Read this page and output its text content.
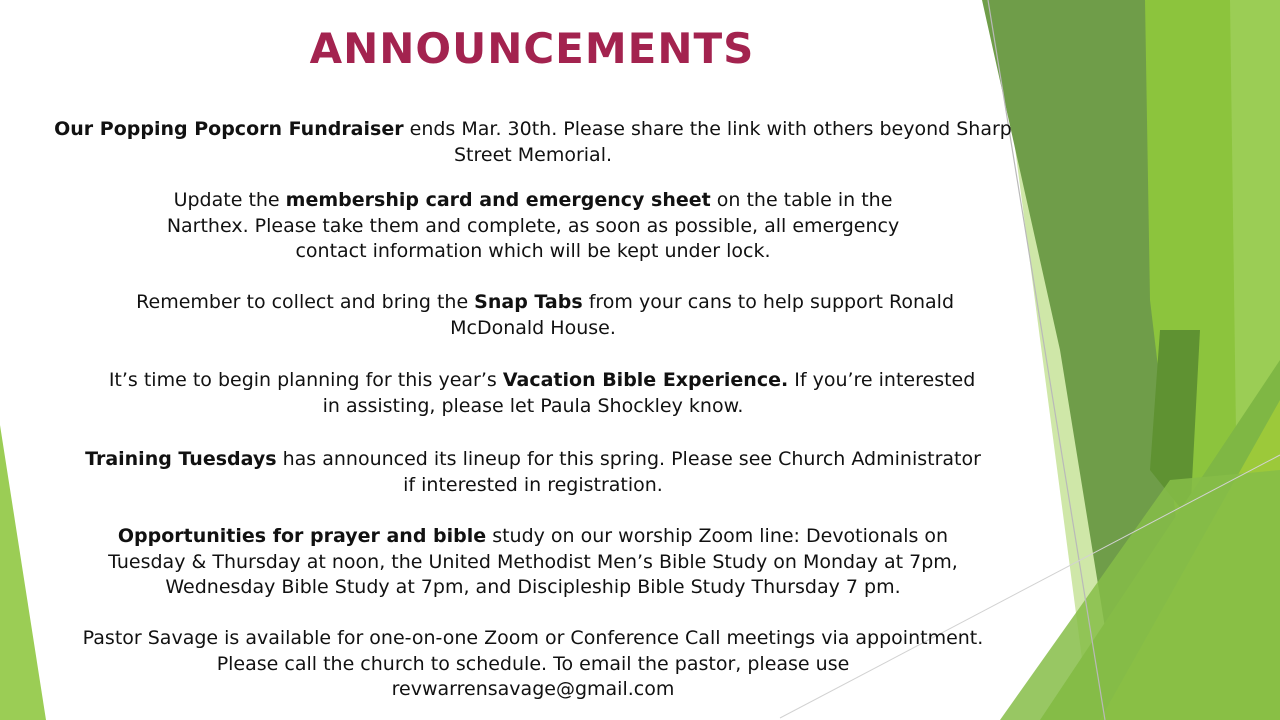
ANNOUNCEMENTS
Our Popping Popcorn Fundraiser ends Mar. 30th. Please share the link with others beyond Sharp
Street Memorial.
Update the membership card and emergency sheet on the table in the
Narthex. Please take them and complete, as soon as possible, all emergency
contact information which will be kept under lock.
Remember to collect and bring the Snap Tabs from your cans to help support Ronald
McDonald House.
It’s time to begin planning for this year’s Vacation Bible Experience. If you’re interested
in assisting, please let Paula Shockley know.
Training Tuesdays has announced its lineup for this spring. Please see Church Administrator
if interested in registration.
Opportunities for prayer and bible study on our worship Zoom line: Devotionals on
Tuesday & Thursday at noon, the United Methodist Men’s Bible Study on Monday at 7pm,
Wednesday Bible Study at 7pm, and Discipleship Bible Study Thursday 7 pm.
Pastor Savage is available for one-on-one Zoom or Conference Call meetings via appointment.
Please call the church to schedule. To email the pastor, please use
revwarrensavage@gmail.com
